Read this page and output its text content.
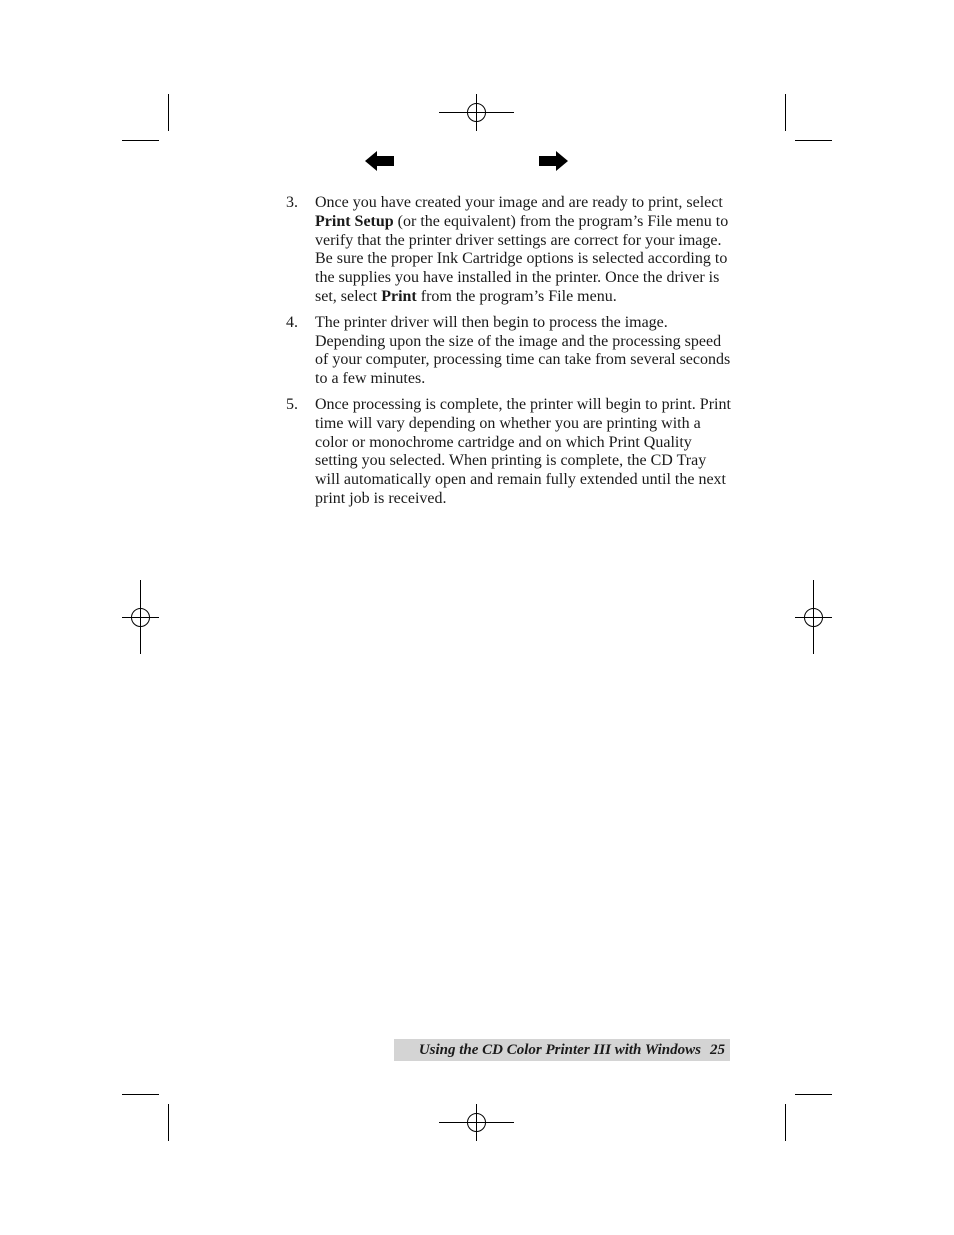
3.	Once you have created your image and are ready to print, select Print Setup (or the equivalent) from the program’s File menu to verify that the printer driver settings are correct for your image. Be sure the proper Ink Cartridge options is selected according to the supplies you have installed in the printer. Once the driver is set, select Print from the program’s File menu.
4.	The printer driver will then begin to process the image. Depending upon the size of the image and the processing speed of your computer, processing time can take from several seconds to a few minutes.
5.	Once processing is complete, the printer will begin to print. Print time will vary depending on whether you are printing with a color or monochrome cartridge and on which Print Quality setting you selected. When printing is complete, the CD Tray will automatically open and remain fully extended until the next print job is received.
Using the CD Color Printer III with Windows 25
